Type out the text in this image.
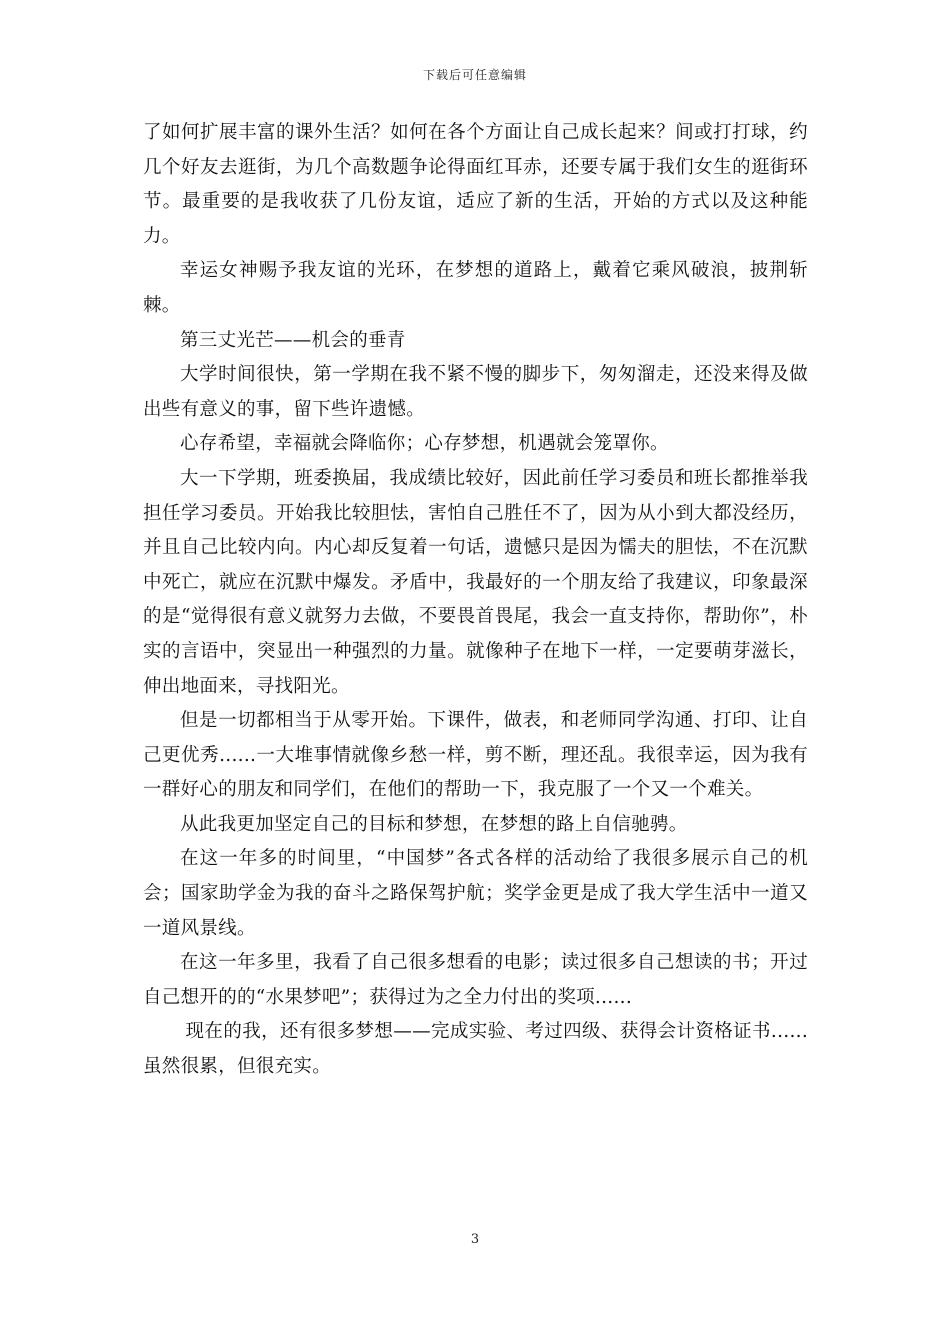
下载后可任意编辑

了如何扩展丰富的课外生活？如何在各个方面让自己成长起来？间或打打球，约几个好友去逛街，为几个高数题争论得面红耳赤，还要专属于我们女生的逛街环节。最重要的是我收获了几份友谊，适应了新的生活，开始的方式以及这种能力。

幸运女神赐予我友谊的光环，在梦想的道路上，戴着它乘风破浪，披荆斩棘。

第三丈光芒——机会的垂青

大学时间很快，第一学期在我不紧不慢的脚步下，匆匆溜走，还没来得及做出些有意义的事，留下些许遗憾。

心存希望，幸福就会降临你；心存梦想，机遇就会笼罩你。

大一下学期，班委换届，我成绩比较好，因此前任学习委员和班长都推举我担任学习委员。开始我比较胆怯，害怕自己胜任不了，因为从小到大都没经历，并且自己比较内向。内心却反复着一句话，遗憾只是因为懦夫的胆怯，不在沉默中死亡，就应在沉默中爆发。矛盾中，我最好的一个朋友给了我建议，印象最深的是“觉得很有意义就努力去做，不要畏首畏尾，我会一直支持你，帮助你”，朴实的言语中，突显出一种强烈的力量。就像种子在地下一样，一定要萌芽滋长，伸出地面来，寻找阳光。

但是一切都相当于从零开始。下课件，做表，和老师同学沟通、打印、让自己更优秀......一大堆事情就像乡愁一样，剪不断，理还乱。我很幸运，因为我有一群好心的朋友和同学们，在他们的帮助一下，我克服了一个又一个难关。

从此我更加坚定自己的目标和梦想，在梦想的路上自信驰骋。

在这一年多的时间里，“中国梦”各式各样的活动给了我很多展示自己的机会；国家助学金为我的奋斗之路保驾护航；奖学金更是成了我大学生活中一道又一道风景线。

在这一年多里，我看了自己很多想看的电影；读过很多自己想读的书；开过自己想开的的“水果梦吧”；获得过为之全力付出的奖项......

现在的我，还有很多梦想——完成实验、考过四级、获得会计资格证书......虽然很累，但很充实。

3
